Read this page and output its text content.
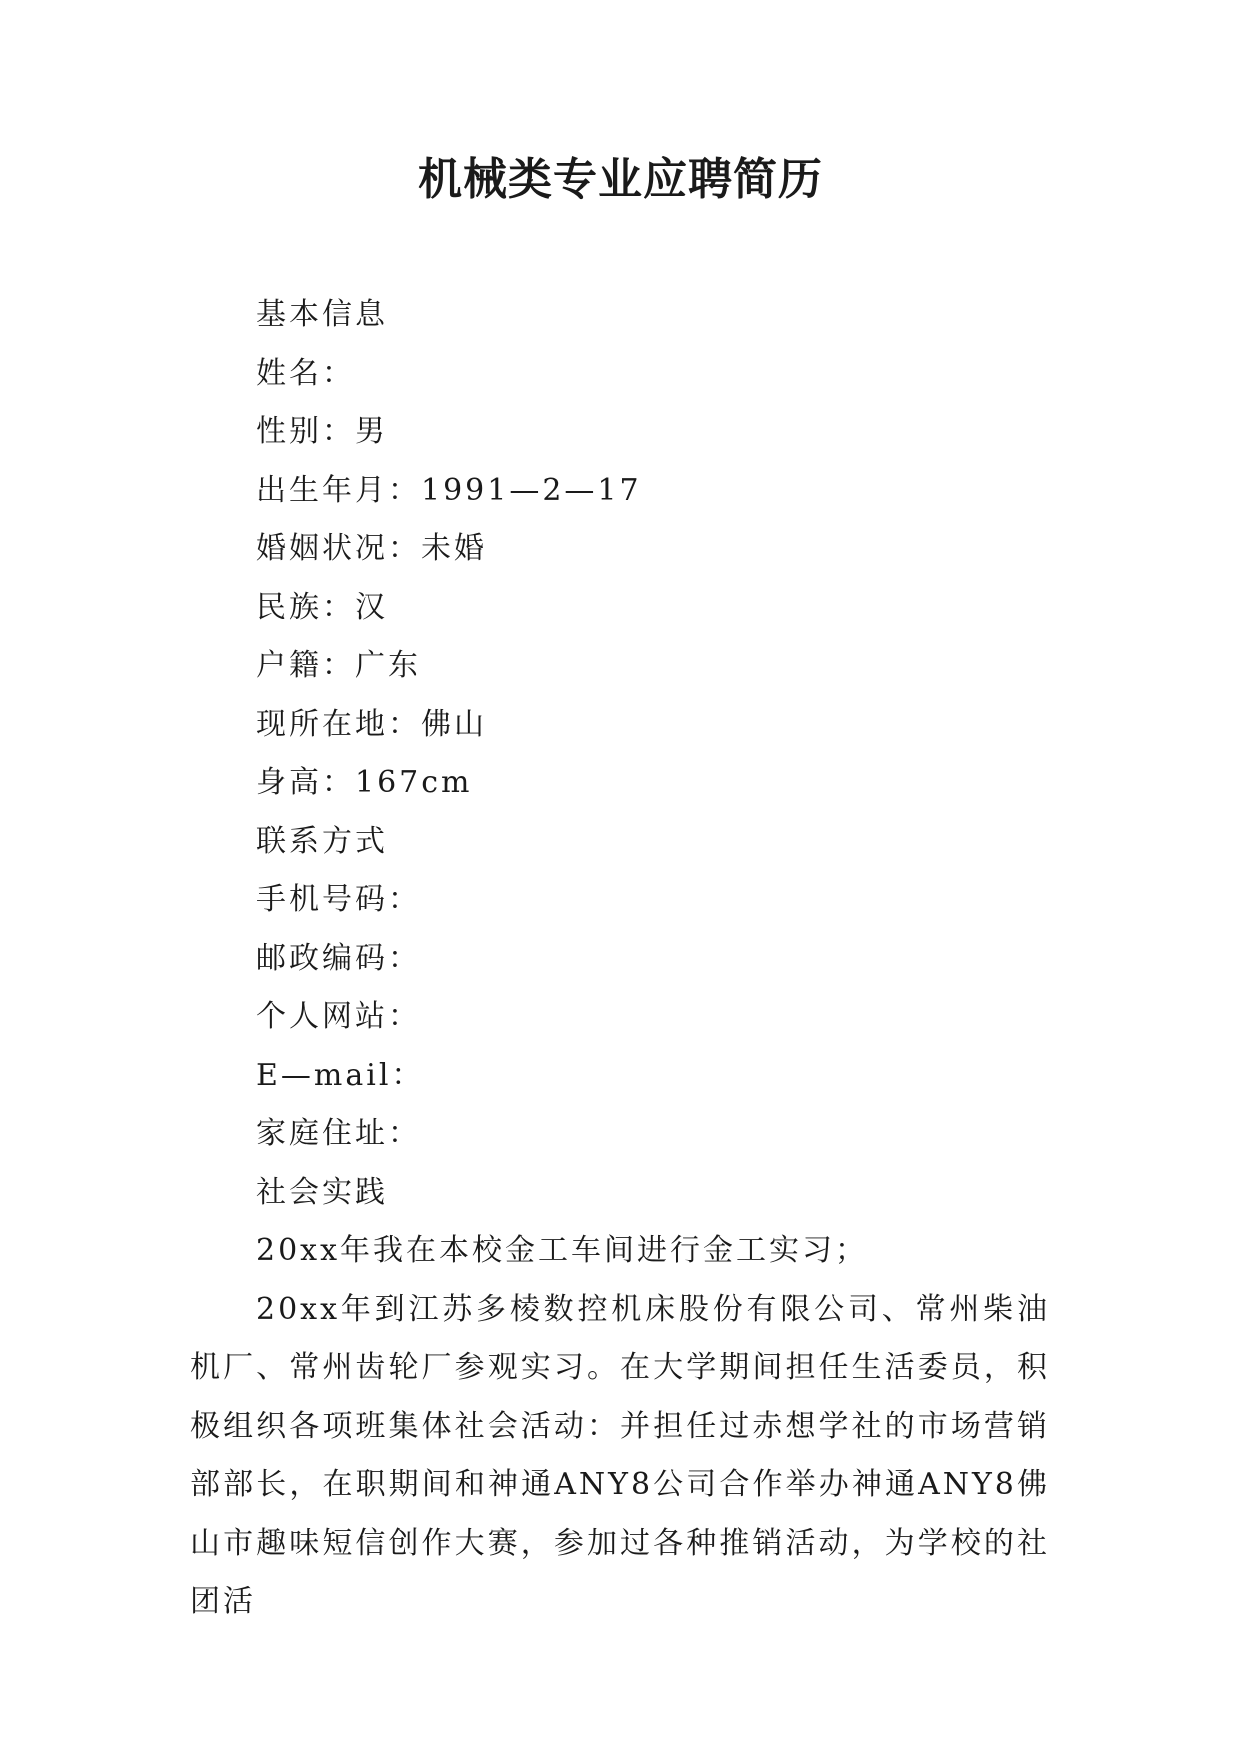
机械类专业应聘简历
基本信息
姓名：
性别：男
出生年月：1991—2—17
婚姻状况：未婚
民族：汉
户籍：广东
现所在地：佛山
身高：167cm
联系方式
手机号码：
邮政编码：
个人网站：
E—mail：
家庭住址：
社会实践
20xx年我在本校金工车间进行金工实习；

20xx年到江苏多棱数控机床股份有限公司、常州柴油机厂、常州齿轮厂参观实习。在大学期间担任生活委员，积极组织各项班集体社会活动：并担任过赤想学社的市场营销部部长，在职期间和神通ANY8公司合作举办神通ANY8佛山市趣味短信创作大赛，参加过各种推销活动，为学校的社团活
